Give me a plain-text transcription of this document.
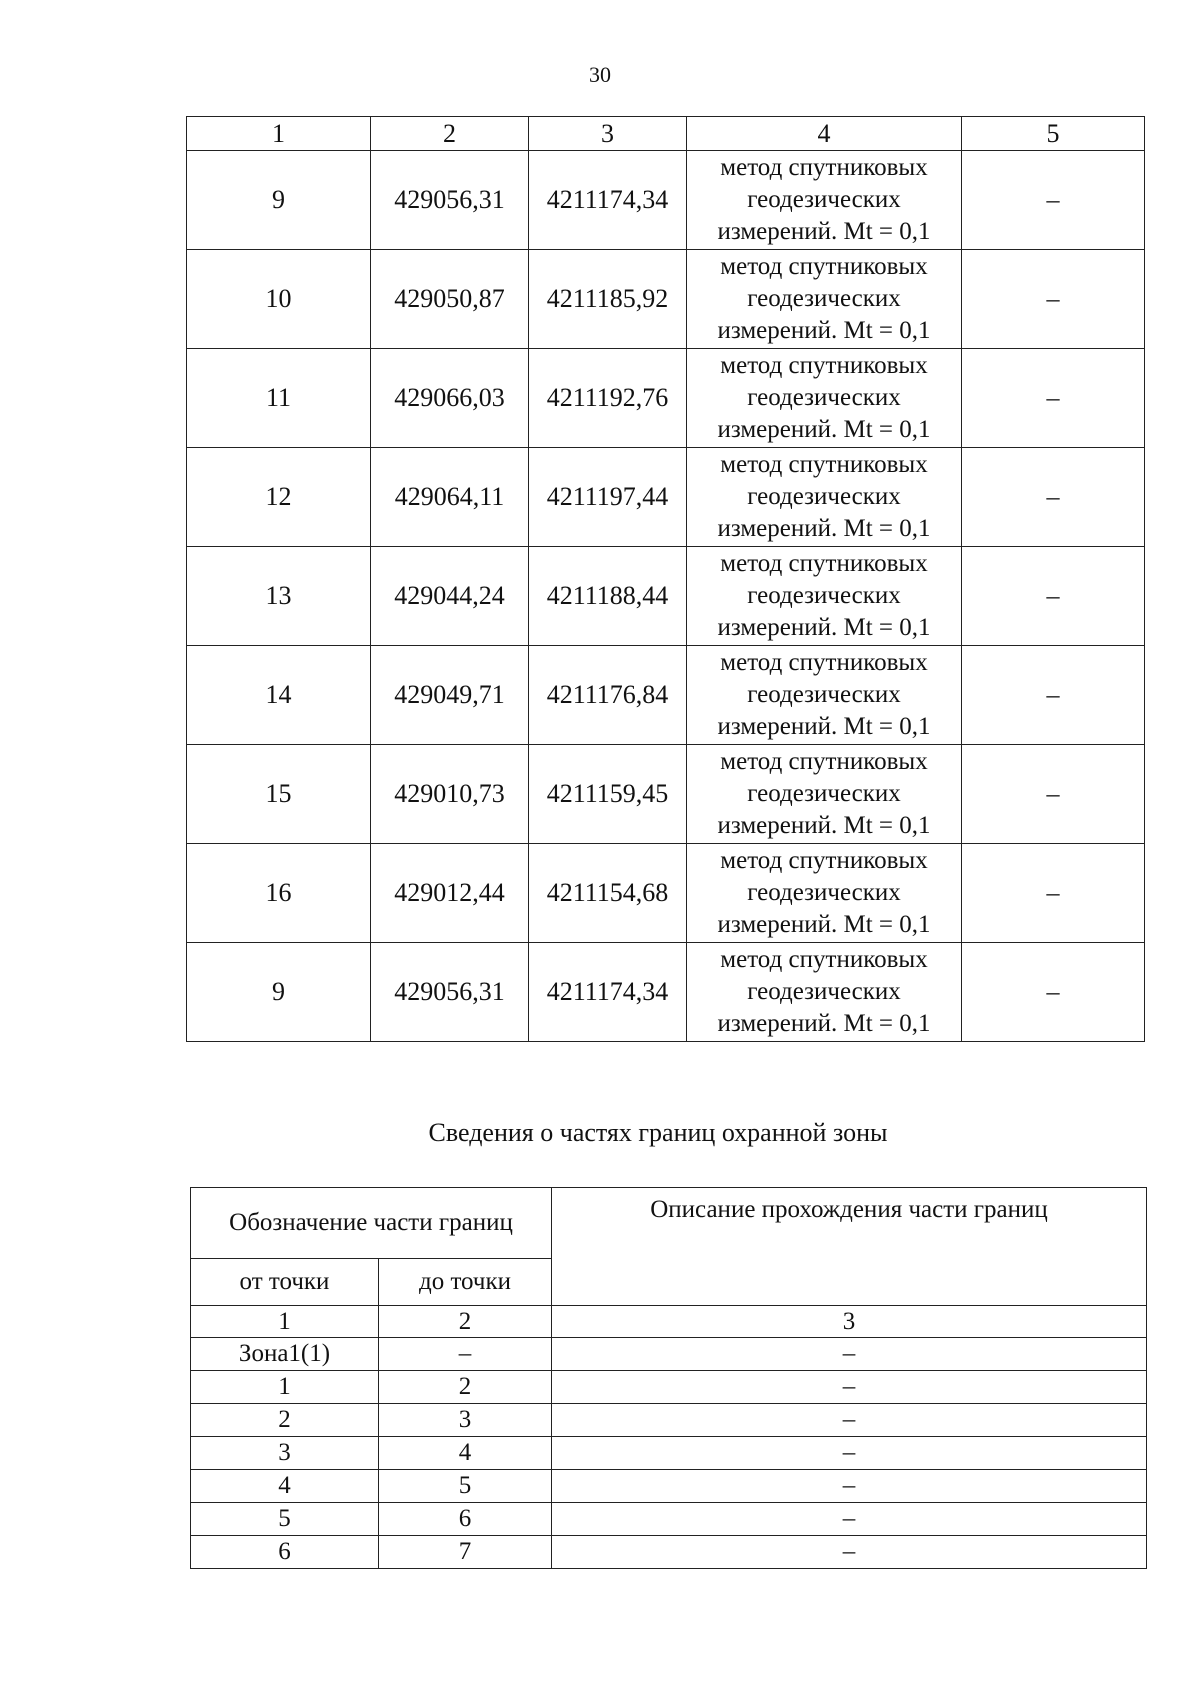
30
1	2	3	4	5
9	429056,31	4211174,34	метод спутниковых
геодезических
измерений. Mt = 0,1	–
10	429050,87	4211185,92	метод спутниковых
геодезических
измерений. Mt = 0,1	–
11	429066,03	4211192,76	метод спутниковых
геодезических
измерений. Mt = 0,1	–
12	429064,11	4211197,44	метод спутниковых
геодезических
измерений. Mt = 0,1	–
13	429044,24	4211188,44	метод спутниковых
геодезических
измерений. Mt = 0,1	–
14	429049,71	4211176,84	метод спутниковых
геодезических
измерений. Mt = 0,1	–
15	429010,73	4211159,45	метод спутниковых
геодезических
измерений. Mt = 0,1	–
16	429012,44	4211154,68	метод спутниковых
геодезических
измерений. Mt = 0,1	–
9	429056,31	4211174,34	метод спутниковых
геодезических
измерений. Mt = 0,1	–
Сведения о частях границ охранной зоны
Обозначение части границ		Описание прохождения части границ
от точки	до точки	
1	2	3
Зона1(1)	–	–
1	2	–
2	3	–
3	4	–
4	5	–
5	6	–
6	7	–
